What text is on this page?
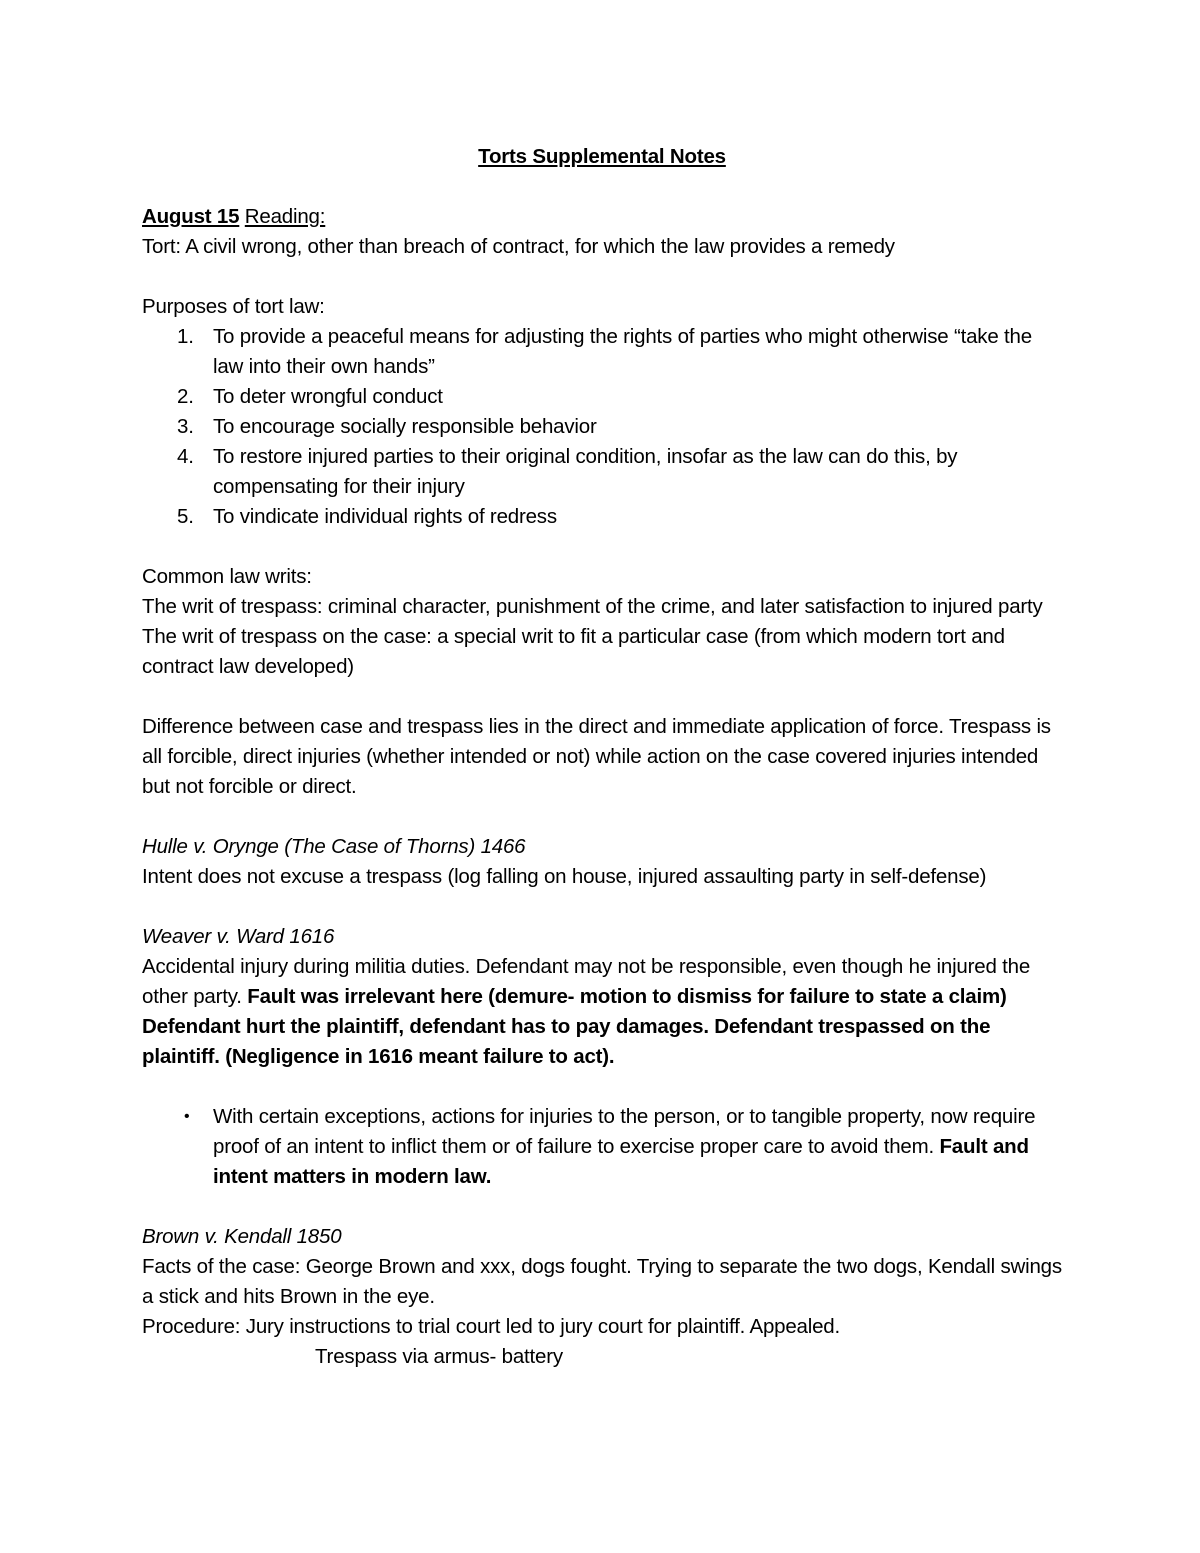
Torts Supplemental Notes

August 15 Reading:

Tort: A civil wrong, other than breach of contract, for which the law provides a remedy

Purposes of tort law:

1. To provide a peaceful means for adjusting the rights of parties who might otherwise “take the law into their own hands”
2. To deter wrongful conduct
3. To encourage socially responsible behavior
4. To restore injured parties to their original condition, insofar as the law can do this, by compensating for their injury
5. To vindicate individual rights of redress

Common law writs:

The writ of trespass: criminal character, punishment of the crime, and later satisfaction to injured party

The writ of trespass on the case: a special writ to fit a particular case (from which modern tort and contract law developed)

Difference between case and trespass lies in the direct and immediate application of force. Trespass is all forcible, direct injuries (whether intended or not) while action on the case covered injuries intended but not forcible or direct.

Hulle v. Orynge (The Case of Thorns) 1466

Intent does not excuse a trespass (log falling on house, injured assaulting party in self-defense)

Weaver v. Ward 1616

Accidental injury during militia duties. Defendant may not be responsible, even though he injured the other party. Fault was irrelevant here (demure- motion to dismiss for failure to state a claim) Defendant hurt the plaintiff, defendant has to pay damages. Defendant trespassed on the plaintiff. (Negligence in 1616 meant failure to act).

• With certain exceptions, actions for injuries to the person, or to tangible property, now require proof of an intent to inflict them or of failure to exercise proper care to avoid them. Fault and intent matters in modern law.

Brown v. Kendall 1850

Facts of the case: George Brown and xxx, dogs fought. Trying to separate the two dogs, Kendall swings a stick and hits Brown in the eye.

Procedure: Jury instructions to trial court led to jury court for plaintiff. Appealed.

Trespass via armus- battery
